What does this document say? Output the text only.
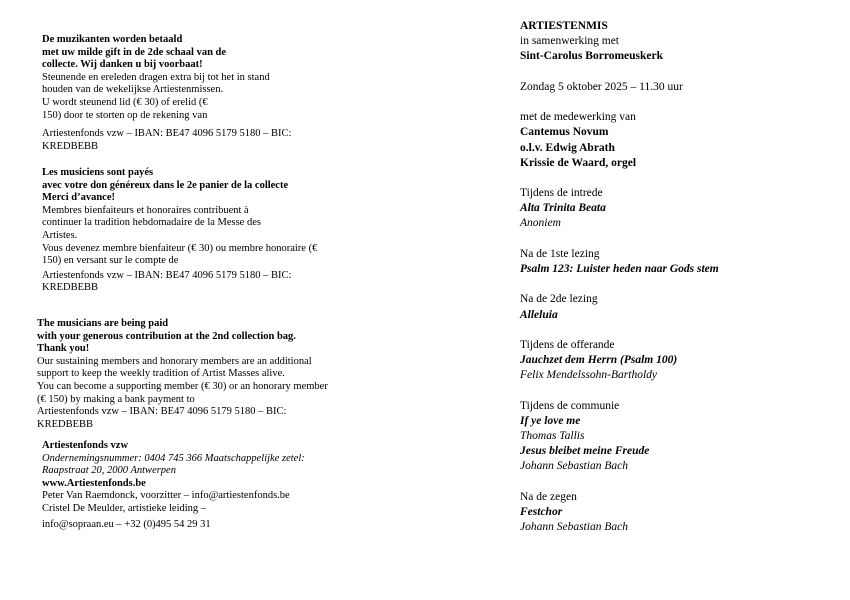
De muzikanten worden betaald
met uw milde gift in de 2de schaal van de
collecte. Wij danken u bij voorbaat!
Steunende en ereleden dragen extra bij tot het in stand
houden van de wekelijkse Artiestenmissen.
U wordt steunend lid (€ 30) of erelid (€
150) door te storten op de rekening van
Artiestenfonds vzw – IBAN: BE47 4096 5179 5180 – BIC:
KREDBEBB
Les musiciens sont payés
avec votre don généreux dans le 2e panier de la collecte
Merci d’avance!
Membres bienfaiteurs et honoraires contribuent à
continuer la tradition hebdomadaire de la Messe des
Artistes.
Vous devenez membre bienfaiteur (€ 30) ou membre honoraire (€
150) en versant sur le compte de
Artiestenfonds vzw – IBAN: BE47 4096 5179 5180 – BIC:
KREDBEBB
The musicians are being paid
with your generous contribution at the 2nd collection bag.
Thank you!
Our sustaining members and honorary members are an additional
support to keep the weekly tradition of Artist Masses alive.
You can become a supporting member (€ 30) or an honorary member
(€ 150) by making a bank payment to
Artiestenfonds vzw – IBAN: BE47 4096 5179 5180 – BIC:
KREDBEBB
Artiestenfonds vzw
Ondernemingsnummer: 0404 745 366 Maatschappelijke zetel:
Raapstraat 20, 2000 Antwerpen
www.Artiestenfonds.be
Peter Van Raemdonck, voorzitter – info@artiestenfonds.be
Cristel De Meulder, artistieke leiding –
info@sopraan.eu – +32 (0)495 54 29 31
ARTIESTENMIS
in samenwerking met
Sint-Carolus Borromeuskerk
Zondag 5 oktober 2025 – 11.30 uur
met de medewerking van
Cantemus Novum
o.l.v. Edwig Abrath
Krissie de Waard, orgel
Tijdens de intrede
Alta Trinita Beata
Anoniem
Na de 1ste lezing
Psalm 123: Luister heden naar Gods stem
Na de 2de lezing
Alleluia
Tijdens de offerande
Jauchzet dem Herrn (Psalm 100)
Felix Mendelssohn-Bartholdy
Tijdens de communie
If ye love me
Thomas Tallis
Jesus bleibet meine Freude
Johann Sebastian Bach
Na de zegen
Festchor
Johann Sebastian Bach
